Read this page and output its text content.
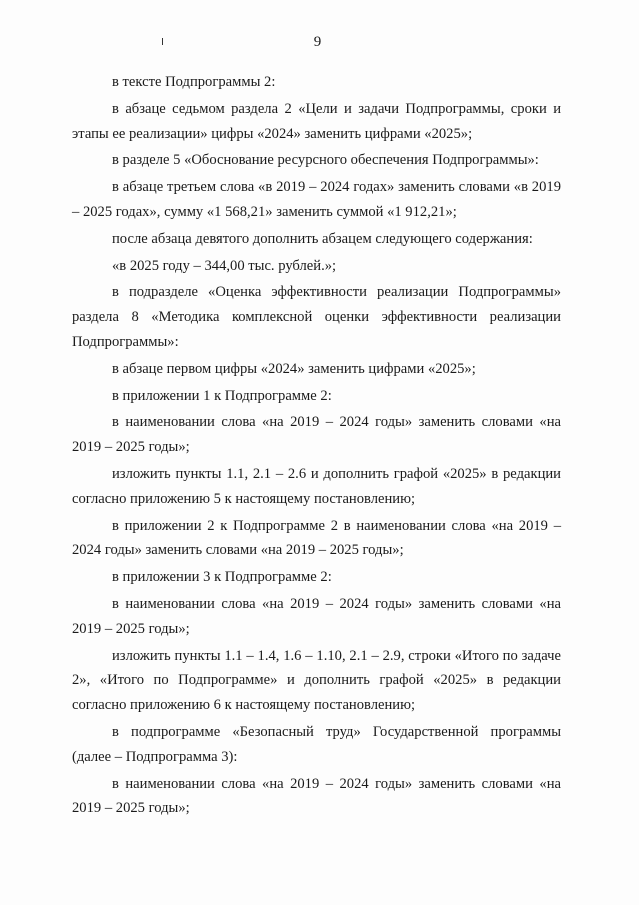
9

в тексте Подпрограммы 2:

в абзаце седьмом раздела 2 «Цели и задачи Подпрограммы, сроки и этапы ее реализации» цифры «2024» заменить цифрами «2025»;

в разделе 5 «Обоснование ресурсного обеспечения Подпрограммы»:

в абзаце третьем слова «в 2019 – 2024 годах» заменить словами «в 2019 – 2025 годах», сумму «1 568,21» заменить суммой «1 912,21»;

после абзаца девятого дополнить абзацем следующего содержания:

«в 2025 году – 344,00 тыс. рублей.»;

в подразделе «Оценка эффективности реализации Подпрограммы» раздела 8 «Методика комплексной оценки эффективности реализации Подпрограммы»:

в абзаце первом цифры «2024» заменить цифрами «2025»;

в приложении 1 к Подпрограмме 2:

в наименовании слова «на 2019 – 2024 годы» заменить словами «на 2019 – 2025 годы»;

изложить пункты 1.1, 2.1 – 2.6 и дополнить графой «2025» в редакции согласно приложению 5 к настоящему постановлению;

в приложении 2 к Подпрограмме 2 в наименовании слова «на 2019 – 2024 годы» заменить словами «на 2019 – 2025 годы»;

в приложении 3 к Подпрограмме 2:

в наименовании слова «на 2019 – 2024 годы» заменить словами «на 2019 – 2025 годы»;

изложить пункты 1.1 – 1.4, 1.6 – 1.10, 2.1 – 2.9, строки «Итого по задаче 2», «Итого по Подпрограмме» и дополнить графой «2025» в редакции согласно приложению 6 к настоящему постановлению;

в подпрограмме «Безопасный труд» Государственной программы (далее – Подпрограмма 3):

в наименовании слова «на 2019 – 2024 годы» заменить словами «на 2019 – 2025 годы»;
